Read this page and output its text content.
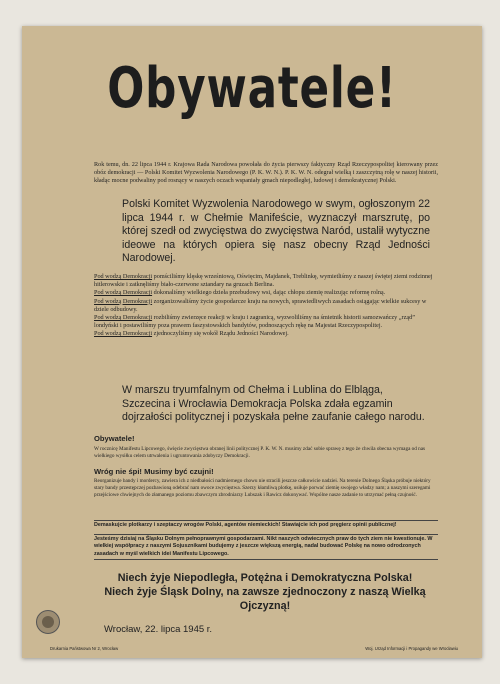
Obywatele!
Rok temu, dn. 22 lipca 1944 r. Krajowa Rada Narodowa powołała do życia pierwszy faktyczny Rząd Rzeczypospolitej kierowany przez obóz demokracji — Polski Komitet Wyzwolenia Narodowego (P. K. W. N.). P. K. W. N. odegrał wielką i zaszczytną rolę w naszej historii, kładąc mocne podwaliny pod rosnący w naszych oczach wspaniały gmach niepodległej, ludowej i demokratycznej Polski.
Polski Komitet Wyzwolenia Narodowego w swym, ogłoszonym 22 lipca 1944 r. w Chełmie Manifeście, wyznaczył marszrutę, po której szedł od zwycięstwa do zwycięstwa Naród, ustalił wytyczne ideowe na których opiera się nasz obecny Rząd Jedności Narodowej.
Pod wodzą Demokracji pomściliśmy klęskę wrześniową, Oświęcim, Majdanek, Treblinkę, wymietliśmy z naszej świętej ziemi rodzinnej hitlerowskie i zatknęliśmy biało-czerwone sztandary na gruzach Berlina.
Pod wodzą Demokracji dokonaliśmy wielkiego dzieła przebudowy wsi, dając chłopu ziemię realizując reformę rolną.
Pod wodzą Demokracji zorganizowaliśmy życie gospodarcze kraju na nowych, sprawiedliwych zasadach osiągając wielkie sukcesy w dziele odbudowy.
Pod wodzą Demokracji rozbiliśmy zwierzęce reakcji w kraju i zagranicą, wyzwoliliśmy na śmietnik historii samozwańczy „rząd” londyński i postawiliśmy poza prawem faszystowskich bandytów, podnoszących rękę na Majestat Rzeczypospolitej.
Pod wodzą Demokracji zjednoczyliśmy się wokół Rządu Jedności Narodowej.
W marszu tryumfalnym od Chełma i Lublina do Elbląga, Szczecina i Wrocławia Demokracja Polska zdała egzamin dojrzałości politycznej i pozyskała pełne zaufanie całego narodu.
Obywatele!
W rocznicę Manifestu Lipcowego, święcie zwycięstwa obranej linii politycznej P. K. W. N. musimy zdać sobie sprawę z tego że chwila obecna wymaga od nas wielkiego wysiłku celem utrwalenia i ugruntowania zdobyczy Demokracji.
Wróg nie śpi! Musimy być czujni!
Reorganizuje bandy i mordercy, zawiera ich z niedbałości nadmiernego chowu nie stracili jeszcze całkowicie nadziei. Na terenie Dolnego Śląska próbuje niektóry stary bandy przestępczej pozbawioną odebrać nam owoce zwycięstwa. Szerzy kłamliwą plotkę, usiłuje porwać ziemię swojego władzy nam; a naszymi szeregami przejściowe chwiejnych do złamanego poziomu zbawczym zbrodniarzy Lubszak i Rawicz dokonywać. Wspólne nasze zadanie to utrzymać pełną czujność.
Demaskujcie plotkarzy i szeptaczy wrogów Polski, agentów niemieckich! Stawiajcie ich pod pręgierz opinii publicznej!
Jesteśmy dzisiaj na Śląsku Dolnym pełnoprawnymi gospodarzami. Nikt naszych odwiecznych praw do tych ziem nie kwestionuje. W wielkiej współpracy z naszymi Sojusznikami budujemy z jeszcze większą energią, nadal budować Polskę na nowo odrodzonych zasadach w myśl wielkich idei Manifestu Lipcowego.
Niech żyje Niepodległa, Potężna i Demokratyczna Polska!
Niech żyje Śląsk Dolny, na zawsze zjednoczony z naszą Wielką Ojczyzną!
Wrocław, 22. lipca 1945 r.
Drukarnia Państwowa Nr 2, Wrocław	Woj. Urząd Informacji i Propagandy we Wrocławiu
